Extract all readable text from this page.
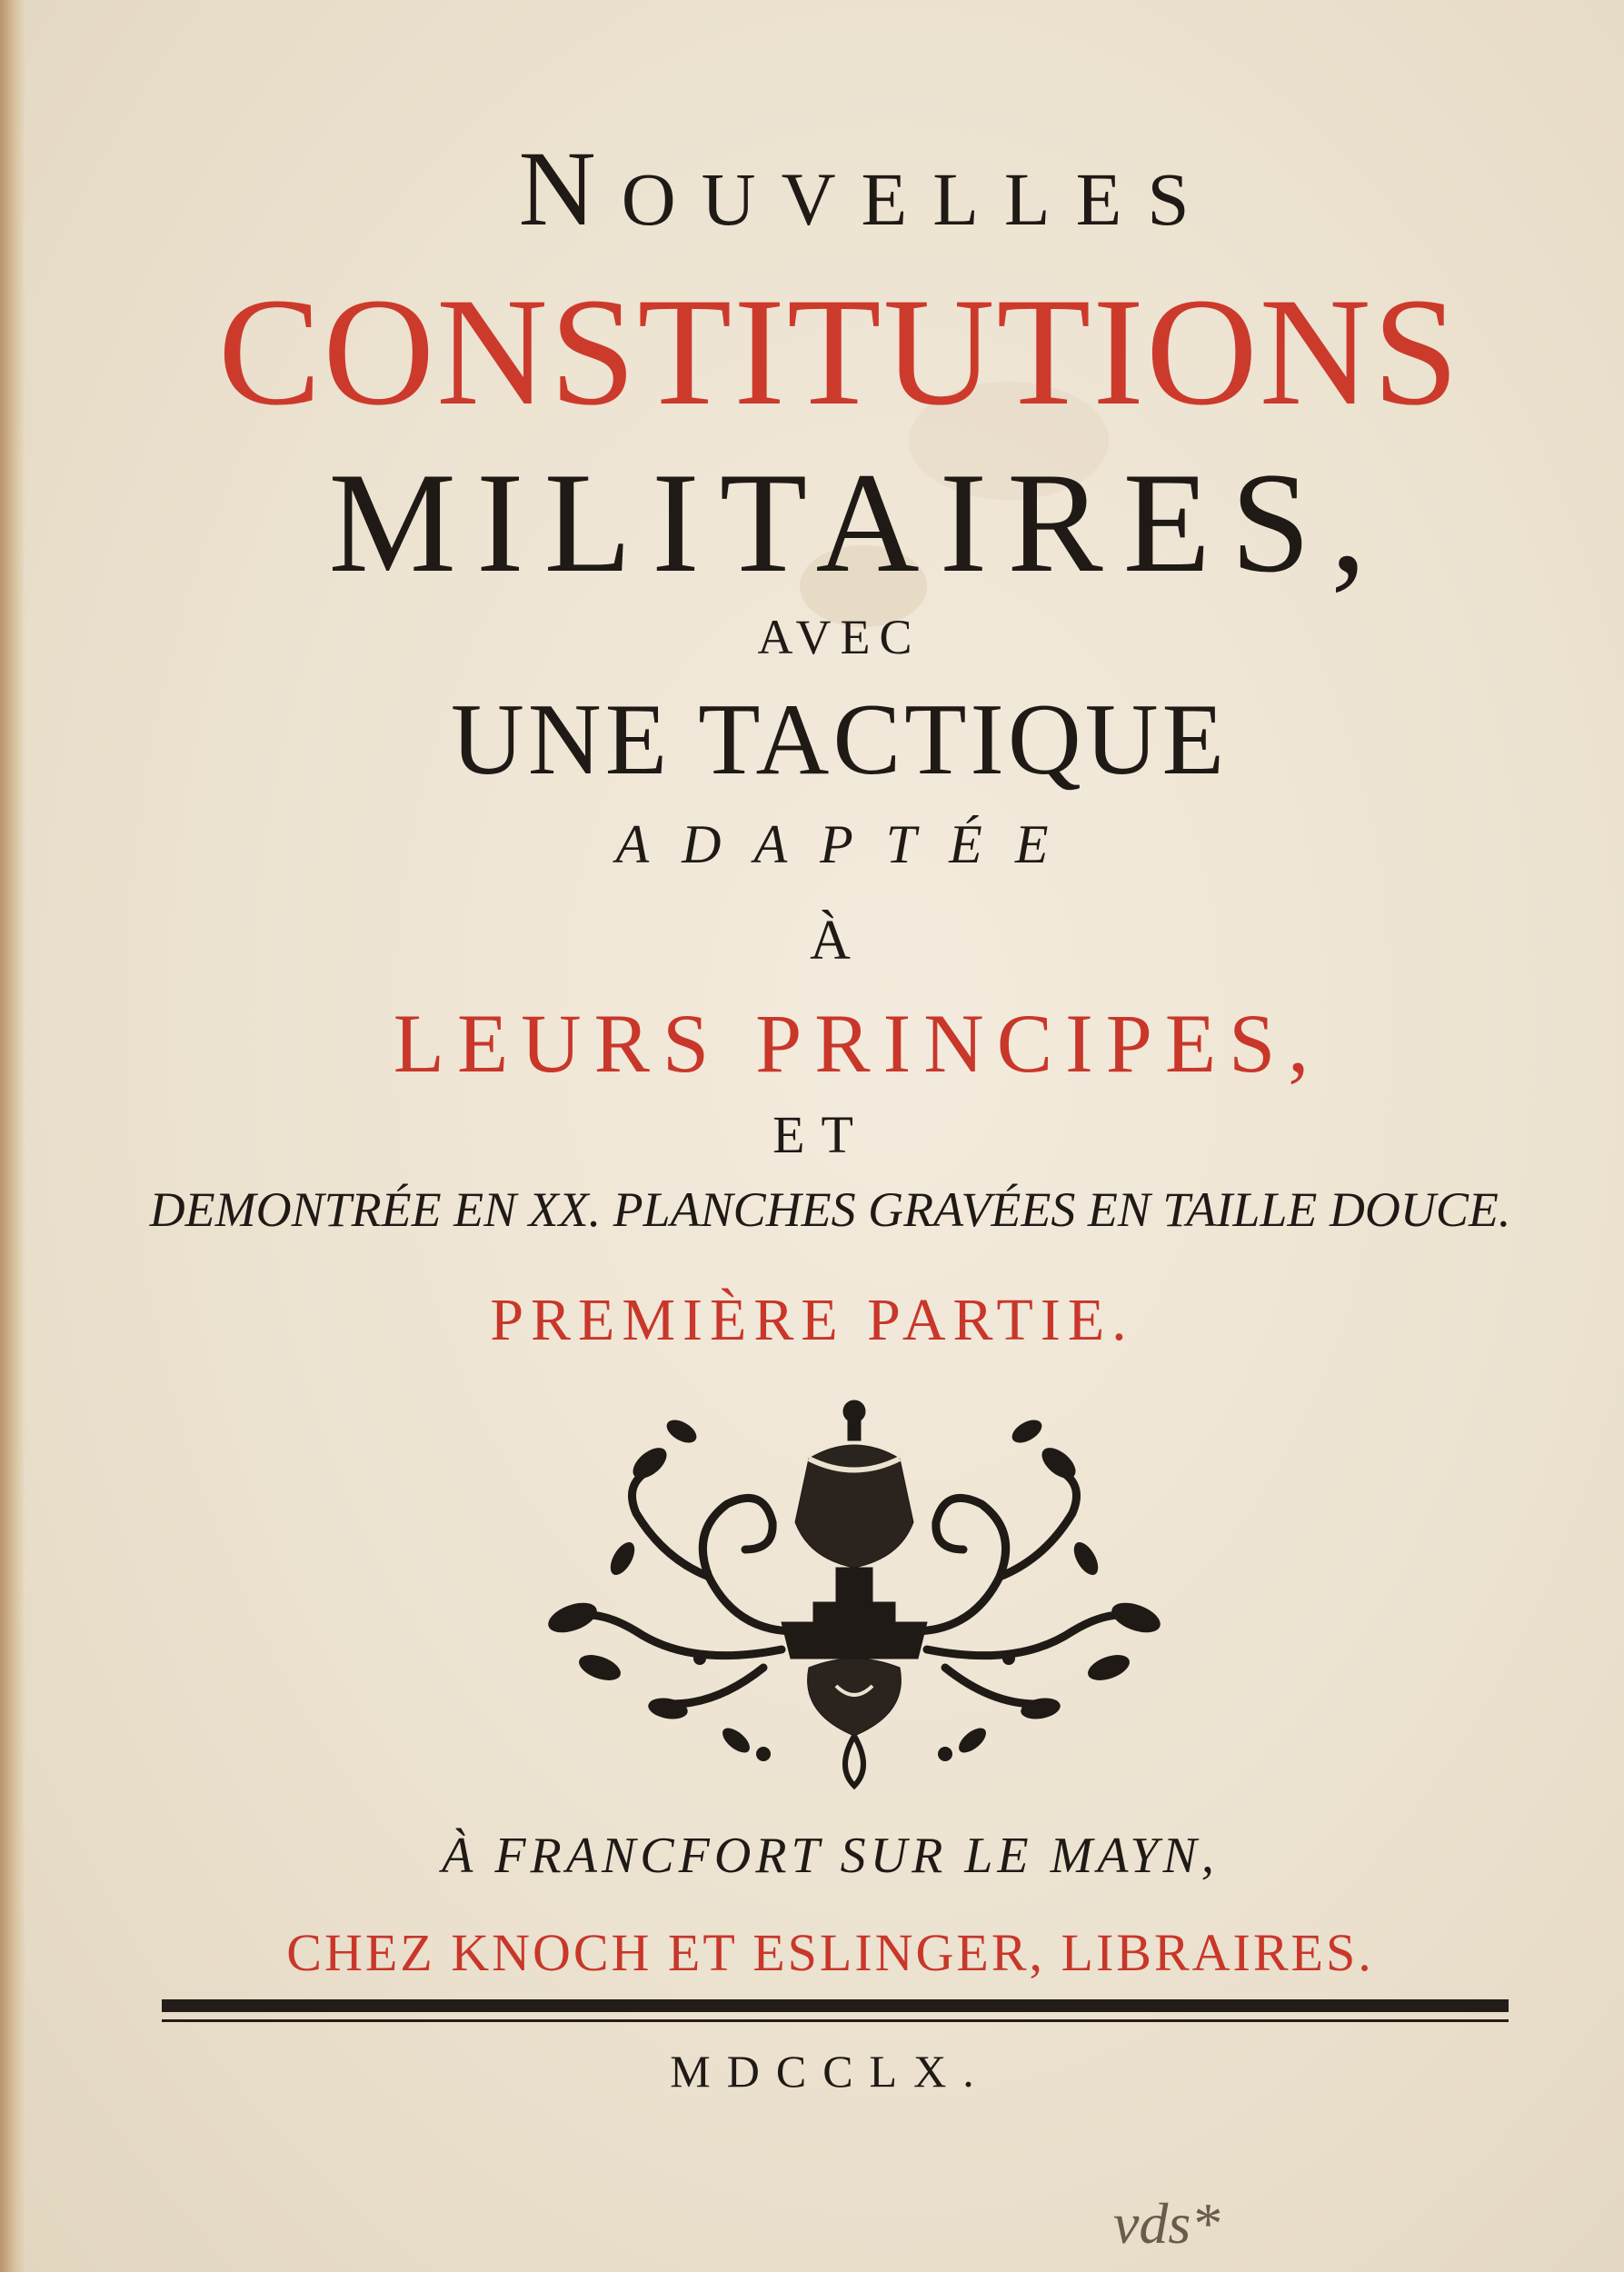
Nouvelles
CONSTITUTIONS
MILITAIRES,
AVEC
UNE TACTIQUE
ADAPTÉE
À
LEURS PRINCIPES,
ET
DEMONTRÉE EN XX. PLANCHES GRAVÉES EN TAILLE DOUCE.
PREMIÈRE PARTIE.
À FRANCFORT SUR LE MAYN,
CHEZ KNOCH ET ESLINGER, LIBRAIRES.
MDCCLX.
vds*
